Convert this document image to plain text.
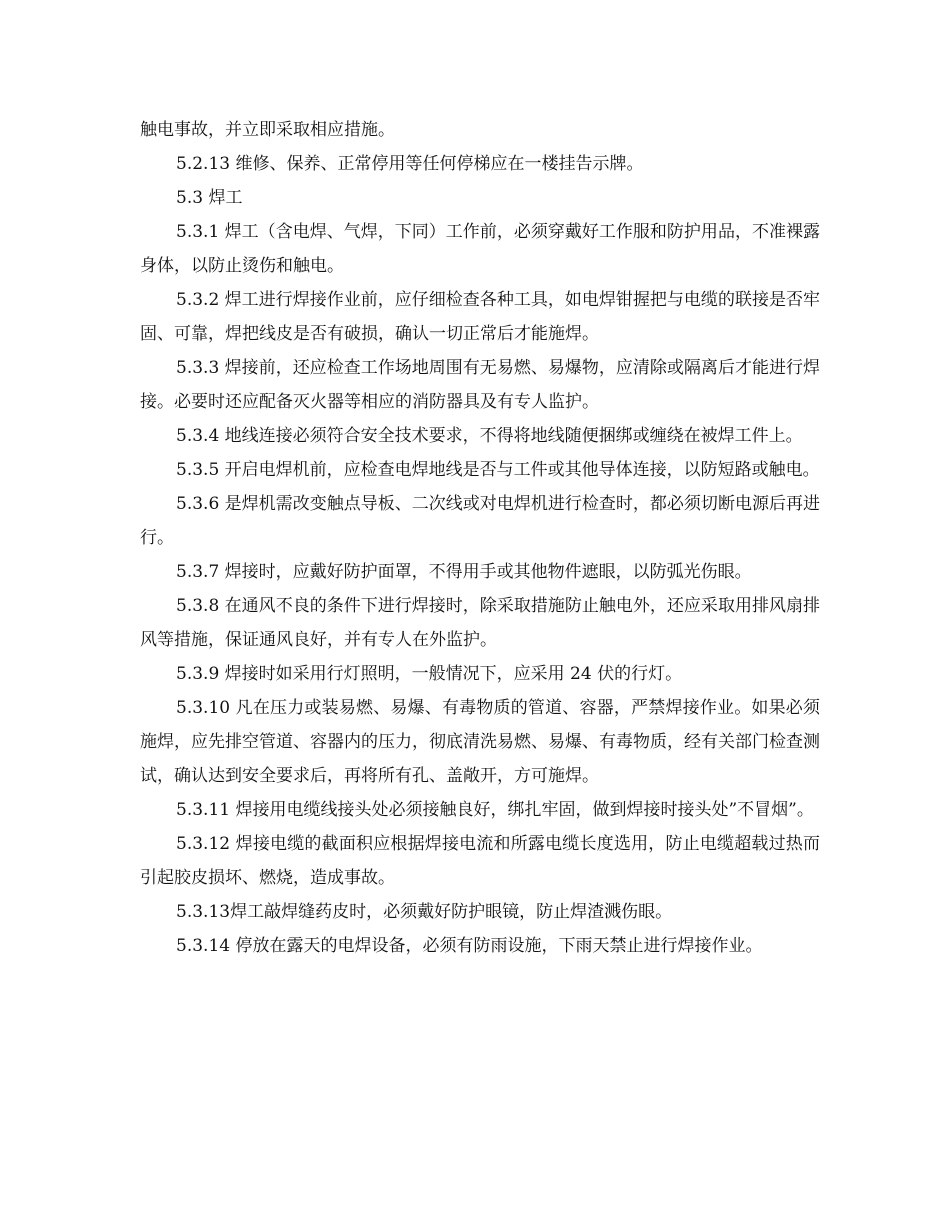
触电事故，并立即采取相应措施。

5.2.13 维修、保养、正常停用等任何停梯应在一楼挂告示牌。

5.3 焊工

5.3.1 焊工（含电焊、气焊，下同）工作前，必须穿戴好工作服和防护用品，不准裸露身体，以防止烫伤和触电。

5.3.2 焊工进行焊接作业前，应仔细检查各种工具，如电焊钳握把与电缆的联接是否牢固、可靠，焊把线皮是否有破损，确认一切正常后才能施焊。

5.3.3 焊接前，还应检查工作场地周围有无易燃、易爆物，应清除或隔离后才能进行焊接。必要时还应配备灭火器等相应的消防器具及有专人监护。

5.3.4 地线连接必须符合安全技术要求，不得将地线随便捆绑或缠绕在被焊工件上。

5.3.5 开启电焊机前，应检查电焊地线是否与工件或其他导体连接，以防短路或触电。

5.3.6 是焊机需改变触点导板、二次线或对电焊机进行检查时，都必须切断电源后再进行。

5.3.7 焊接时，应戴好防护面罩，不得用手或其他物件遮眼，以防弧光伤眼。

5.3.8 在通风不良的条件下进行焊接时，除采取措施防止触电外，还应采取用排风扇排风等措施，保证通风良好，并有专人在外监护。

5.3.9 焊接时如采用行灯照明，一般情况下，应采用 24 伏的行灯。

5.3.10 凡在压力或装易燃、易爆、有毒物质的管道、容器，严禁焊接作业。如果必须施焊，应先排空管道、容器内的压力，彻底清洗易燃、易爆、有毒物质，经有关部门检查测试，确认达到安全要求后，再将所有孔、盖敞开，方可施焊。

5.3.11 焊接用电缆线接头处必须接触良好，绑扎牢固，做到焊接时接头处”不冒烟”。

5.3.12 焊接电缆的截面积应根据焊接电流和所露电缆长度选用，防止电缆超载过热而引起胶皮损坏、燃烧，造成事故。

5.3.13焊工敲焊缝药皮时，必须戴好防护眼镜，防止焊渣溅伤眼。

5.3.14 停放在露天的电焊设备，必须有防雨设施，下雨天禁止进行焊接作业。
